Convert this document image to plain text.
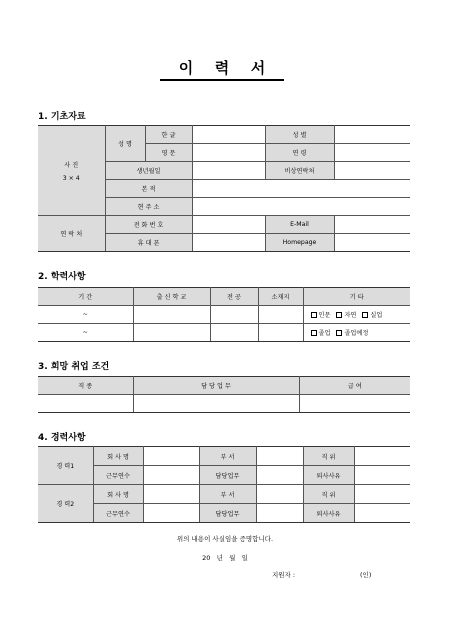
이 력 서
1. 기초자료
사 진
3 × 4	성 명	한 글		성 별	
		영 문		연 령	
	생년월일			비상연락처	
	본 적				
	현 주 소				
연 락 처	전 화 번 호			E-Mail	
	휴 대 폰			Homepage	
2. 학력사항
기 간	출 신 학 교	전 공	소재지	기 타
~				인문 자연 실업
~				졸업 졸업예정
3. 희망 취업 조건
직 종	담 당 업 무	급 여

4. 경력사항
경 력1	회 사 명		부 서		직 위	
	근무연수		담당업무		퇴사사유	
경 력2	회 사 명		부 서		직 위	
	근무연수		담당업무		퇴사사유	
위의 내용이 사실임을 증명합니다.
20   년   월   일
지원자 :	(인)
